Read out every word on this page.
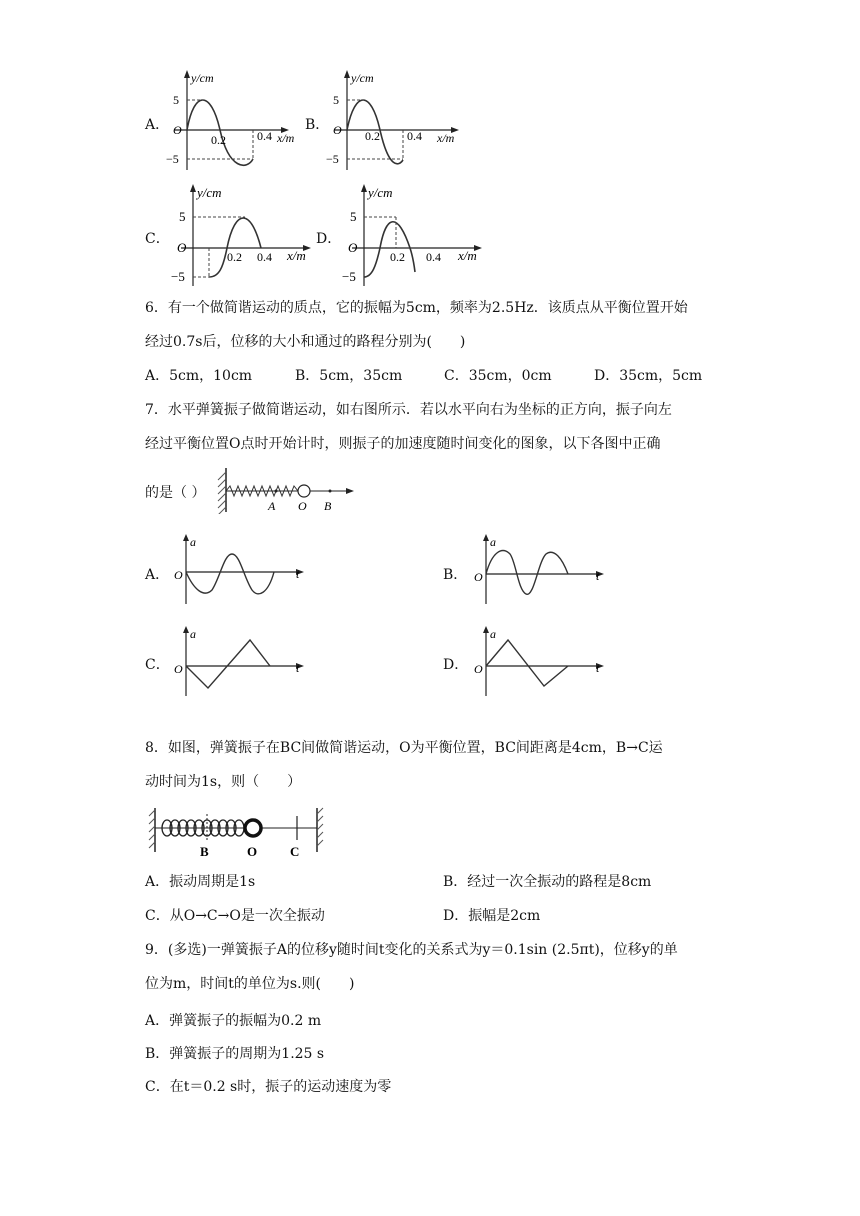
A．
y/cm
5
−5
O
0.2	0.4 x/m
B．
y/cm
5
−5
O 0.2 0.4 x/m
C．
y/cm
5
−5
O
0.2 0.4 x/m
D．
y/cm
5
−5
O
0.2 0.4 x/m
6．有一个做简谐运动的质点，它的振幅为5cm，频率为2.5Hz．该质点从平衡位置开始
经过0.7s后，位移的大小和通过的路程分别为(　　)
A．5cm，10cm	B．5cm，35cm	C．35cm，0cm	D．35cm，5cm
7．水平弹簧振子做简谐运动，如右图所示．若以水平向右为坐标的正方向，振子向左
经过平衡位置O点时开始计时，则振子的加速度随时间变化的图象，以下各图中正确
的是（ ）
A O B
A．
a
O	t	B．
a
O	t
C．
a
O	t	D．
a
O	t
8．如图，弹簧振子在BC间做简谐运动，O为平衡位置，BC间距离是4cm，B→C运
动时间为1s，则（　　）
B	O	C
A．振动周期是1s	B．经过一次全振动的路程是8cm
C．从O→C→O是一次全振动	D．振幅是2cm
9．(多选)一弹簧振子A的位移y随时间t变化的关系式为y＝0.1sin (2.5πt)，位移y的单
位为m，时间t的单位为s.则(　　)
A．弹簧振子的振幅为0.2 m
B．弹簧振子的周期为1.25 s
C．在t＝0.2 s时，振子的运动速度为零
